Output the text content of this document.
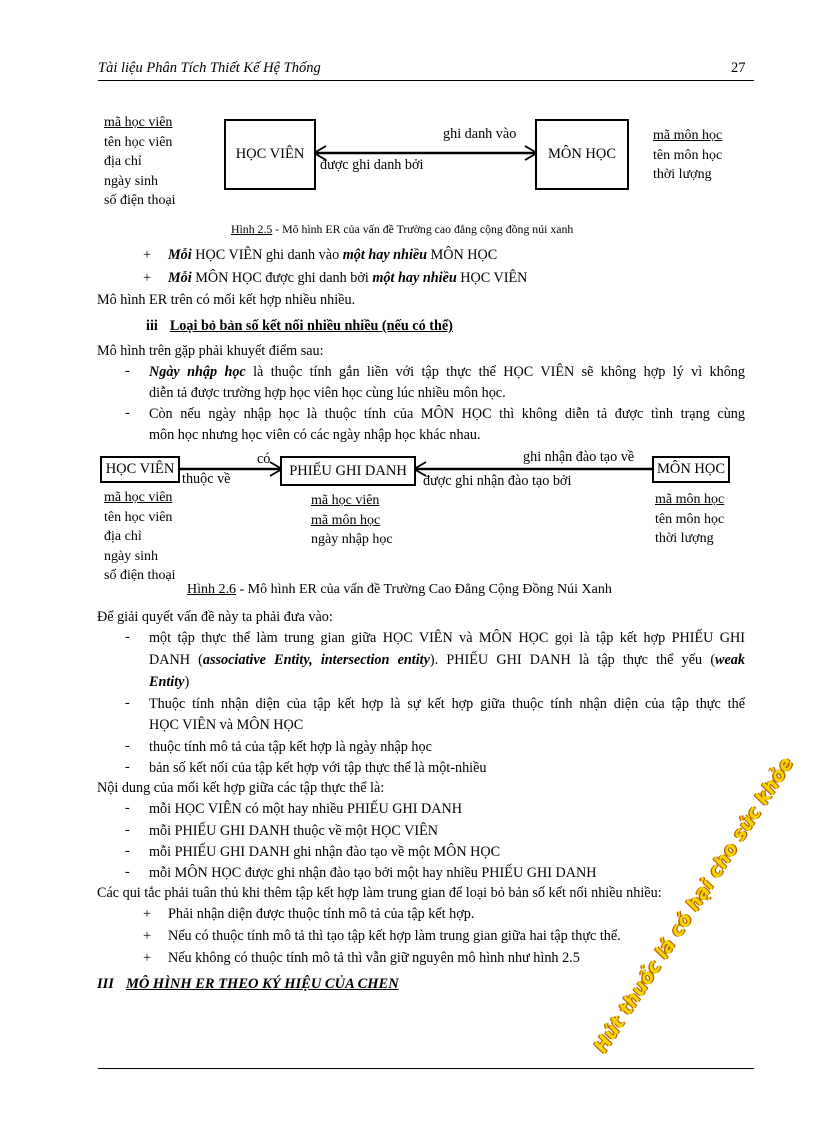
Tài liệu Phân Tích Thiết Kế Hệ Thống	27
mã học viên
tên học viên
địa chỉ
ngày sinh
số điện thoại
HỌC VIÊN	MÔN HỌC
ghi danh vào
được ghi danh bởi
mã môn học
tên môn học
thời lượng
Hình 2.5 - Mô hình ER của vấn đề Trường cao đẳng cộng đồng núi xanh
+ Mỗi HỌC VIÊN ghi danh vào một hay nhiều MÔN HỌC
+ Mỗi MÔN HỌC được ghi danh bởi một hay nhiều HỌC VIÊN
Mô hình ER trên có mối kết hợp nhiều nhiều.
iii Loại bỏ bản số kết nối nhiều nhiều (nếu có thể)
Mô hình trên gặp phải khuyết điểm sau:
- Ngày nhập học là thuộc tính gắn liền với tập thực thể HỌC VIÊN sẽ không hợp lý vì không
diễn tả được trường hợp học viên học cùng lúc nhiều môn học.
- Còn nếu ngày nhập học là thuộc tính của MÔN HỌC thì không diễn tả được tình trạng cùng
môn học nhưng học viên có các ngày nhập học khác nhau.
HỌC VIÊN	PHIẾU GHI DANH	MÔN HỌC
có
thuộc về
ghi nhận đào tạo về
được ghi nhận đào tạo bởi
mã học viên
tên học viên
địa chỉ
ngày sinh
số điện thoại
mã học viên
mã môn học
ngày nhập học
mã môn học
tên môn học
thời lượng
Hình 2.6 - Mô hình ER của vấn đề Trường Cao Đẳng Cộng Đồng Núi Xanh
Để giải quyết vấn đề này ta phải đưa vào:
- một tập thực thể làm trung gian giữa HỌC VIÊN và MÔN HỌC gọi là tập kết hợp PHIẾU GHI
DANH (associative Entity, intersection entity). PHIẾU GHI DANH là tập thực thể yếu (weak
Entity)
- Thuộc tính nhận diện của tập kết hợp là sự kết hợp giữa thuộc tính nhận diện của tập thực thể
HỌC VIÊN và MÔN HỌC
- thuộc tính mô tả của tập kết hợp là ngày nhập học
- bản số kết nối của tập kết hợp với tập thực thể là một-nhiều
Nội dung của mối kết hợp giữa các tập thực thể là:
- mỗi HỌC VIÊN có một hay nhiều PHIẾU GHI DANH
- mỗi PHIẾU GHI DANH thuộc về một HỌC VIÊN
- mỗi PHIẾU GHI DANH ghi nhận đào tạo về một MÔN HỌC
- mỗi MÔN HỌC được ghi nhận đào tạo bởi một hay nhiều PHIẾU GHI DANH
Các qui tắc phải tuân thủ khi thêm tập kết hợp làm trung gian để loại bỏ bản số kết nối nhiều nhiều:
+ Phải nhận diện được thuộc tính mô tả của tập kết hợp.
+ Nếu có thuộc tính mô tả thì tạo tập kết hợp làm trung gian giữa hai tập thực thể.
+ Nếu không có thuộc tính mô tả thì vẫn giữ nguyên mô hình như hình 2.5
III MÔ HÌNH ER THEO KÝ HIỆU CỦA CHEN	Hút thuốc lá có hại cho sức khỏe
